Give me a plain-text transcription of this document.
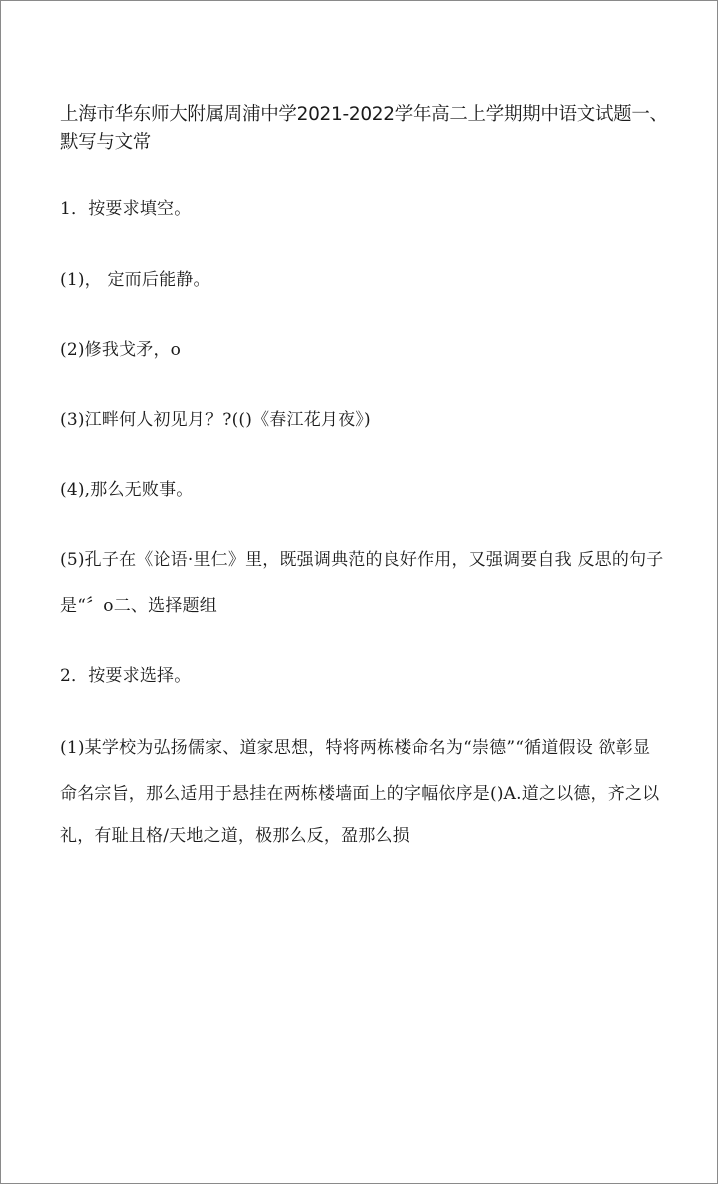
上海市华东师大附属周浦中学2021-2022学年高二上学期期中语文试题一、
默写与文常
1．按要求填空。
(1)， 定而后能静。
(2)修我戈矛，o
(3)江畔何人初见月？?(()《春江花月夜》)
(4),那么无败事。
(5)孔子在《论语·里仁》里，既强调典范的良好作用，又强调要自我 反思的句子
是“〞o二、选择题组
2．按要求选择。
(1)某学校为弘扬儒家、道家思想，特将两栋楼命名为“崇德”“循道假设 欲彰显
命名宗旨，那么适用于悬挂在两栋楼墙面上的字幅依序是()A.道之以德，齐之以
礼，有耻且格/天地之道，极那么反，盈那么损
